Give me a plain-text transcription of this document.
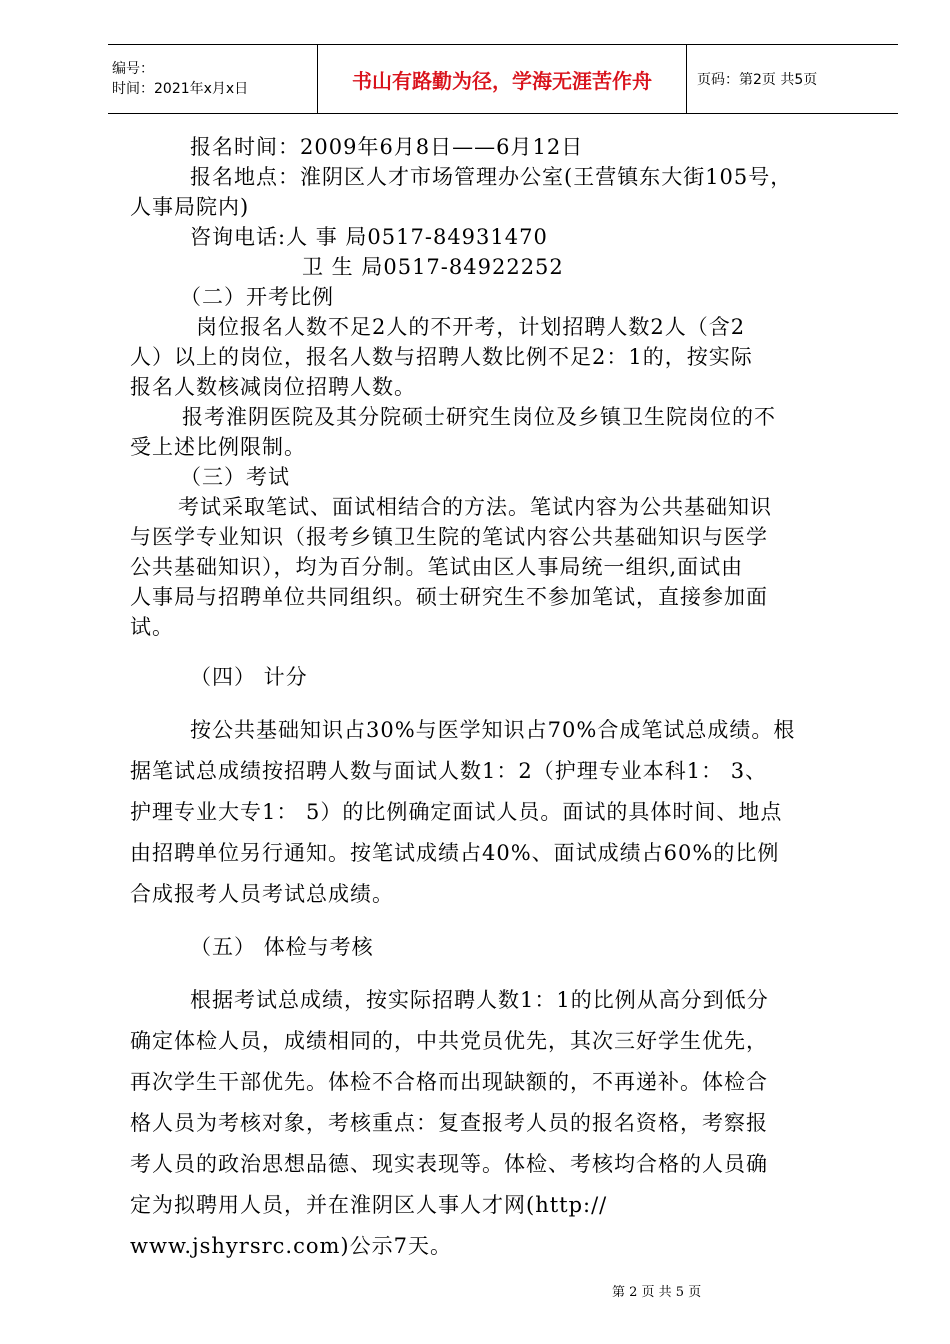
编号：
时间：2021年x月x日	书山有路勤为径，学海无涯苦作舟	页码：第2页 共5页
报名时间：2009年6月8日——6月12日
报名地点：淮阴区人才市场管理办公室(王营镇东大街105号，
人事局院内)
咨询电话:人 事 局0517-84931470
卫 生 局0517-84922252
（二）开考比例
岗位报名人数不足2人的不开考，计划招聘人数2人（含2
人）以上的岗位，报名人数与招聘人数比例不足2：1的，按实际
报名人数核减岗位招聘人数。
报考淮阴医院及其分院硕士研究生岗位及乡镇卫生院岗位的不
受上述比例限制。
（三）考试
考试采取笔试、面试相结合的方法。笔试内容为公共基础知识
与医学专业知识（报考乡镇卫生院的笔试内容公共基础知识与医学
公共基础知识），均为百分制。笔试由区人事局统一组织,面试由
人事局与招聘单位共同组织。硕士研究生不参加笔试，直接参加面
试。
（四） 计分
按公共基础知识占30%与医学知识占70%合成笔试总成绩。根
据笔试总成绩按招聘人数与面试人数1：2（护理专业本科1： 3、
护理专业大专1： 5）的比例确定面试人员。面试的具体时间、地点
由招聘单位另行通知。按笔试成绩占40%、面试成绩占60%的比例
合成报考人员考试总成绩。
（五） 体检与考核
根据考试总成绩，按实际招聘人数1：1的比例从高分到低分
确定体检人员，成绩相同的，中共党员优先，其次三好学生优先，
再次学生干部优先。体检不合格而出现缺额的，不再递补。体检合
格人员为考核对象，考核重点：复查报考人员的报名资格，考察报
考人员的政治思想品德、现实表现等。体检、考核均合格的人员确
定为拟聘用人员，并在淮阴区人事人才网(http://
www.jshyrsrc.com)公示7天。
第 2 页 共 5 页
